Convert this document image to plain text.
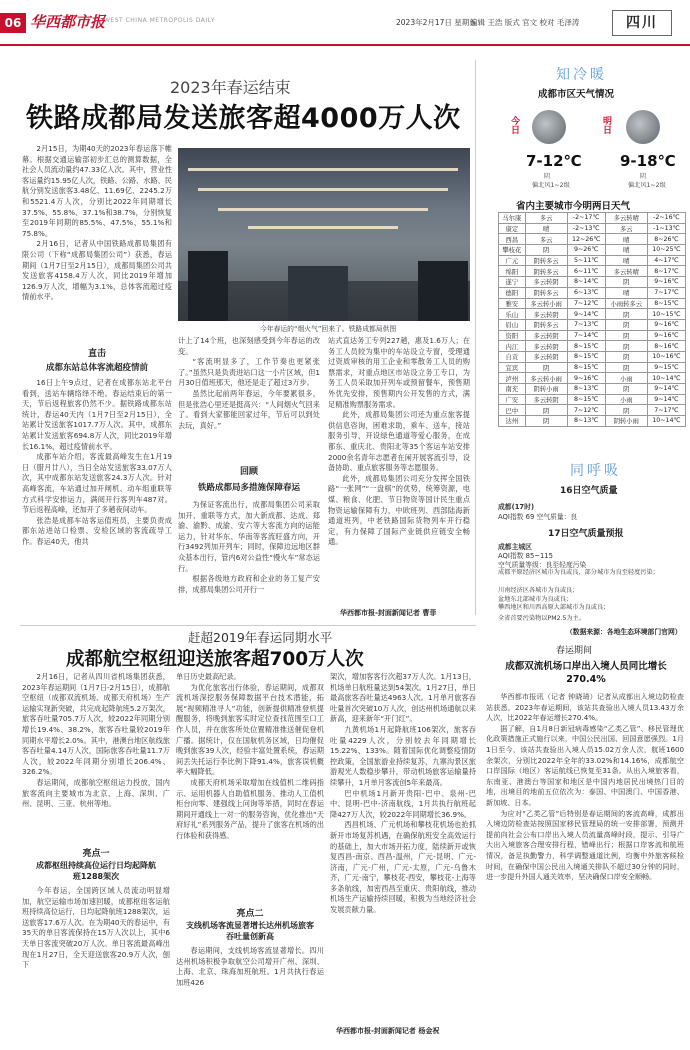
06 华西都市报
WEST CHINA METROPOLIS DAILY	2023年2月17日 星期五
编辑 王浩 版式 官文 校对 毛泽涛	四川
2023年春运结束
铁路成都局发送旅客超4000万人次

2月15日，为期40天的2023年春运落下帷幕。根据交通运输部初步汇总的测算数据，全社会人员流动量约47.33亿人次。其中，营业性客运量约15.95亿人次，铁路、公路、水路、民航分别发送旅客3.48亿、11.69亿、2245.2万和5521.4万人次，分别比2022年同期增长37.5%、55.8%、37.1%和38.7%，分别恢复至2019年同期的85.5%、47.5%、55.1%和75.8%。

2月16日，记者从中国铁路成都局集团有限公司（下称“成都局集团公司”）获悉，春运期间（1月7日至2月15日），成都局集团公司共发送旅客4158.4万人次，同比2019年增加126.9万人次，增幅为3.1%，总体客流超过疫情前水平。

今年春运的“烟火气”回来了。铁路成都局供图
直击
成都东站总体客流超疫情前

16日上午9点过，记者在成都东站北平台看到，送站车辆络绎不绝。春运结束后的第一天，节后返程旅客仍然不少。据铁路成都东站统计，春运40天内（1月7日至2月15日），全站累计发送旅客1017.7万人次。其中，成都东站累计发送旅客694.8万人次，同比2019年增长16.1%，超过疫情前水平。

成都车站介绍，客流最高峰发生在1月19日（腊月廿八），当日全站发送旅客33.07万人次，其中成都东站发送旅客24.3万人次。针对高峰客流，车站通过加开闸机、动车组重联等方式科学安排运力，满阅开行客列车487对。节后返程高峰，还加开了多趟夜间动车。

张浩是成都车站客运值班员，主要负责成都东站进站口检票、安检区域的客流疏导工作。春运40天，他共

计上了14个班，也深刻感受到今年春运的改变。

“客流明显多了，工作节奏也更紧张了。”虽然只是负责进站口这一小片区域，但1月30日值班那天，他还是走了超过3万步。

虽然比起前两年春运，今年要累很多，但是张浩心里还是挺高兴：“人间烟火气回来了。看到大家都能回家过年，节后可以到处去玩，真好。”

回顾
铁路成都局多措施保障春运

为保证客流出行，成都局集团公司采取加开、重联等方式，加大新成都、达成、郑渝、渝黔、成渝、安六等大客流方向的运能运力，针对华东、华南等客流旺盛方向，开行3492列加开列车；同时，保障边远地区群众基本出行，管内6对公益性“慢火车”常态运行。

根据各级地方政府和企业的务工复产安排，成都局集团公司开行一

站式直达务工专列227趟，惠及1.6万人；在务工人员较为集中的车站设立专窗，受理通过资质审核的用工企业和零散务工人员的购票需求，对重点地区市站设立务工专口，为务工人员采取加开列车或预留餐车，预售期外优先安排，预售期内公开发售的方式，满足精准购票服务需求。

此外，成都局集团公司还为重点旅客提供信息咨询，困难求助，乘车、送车，接站服务引导，开设绿色通道等爱心服务，在成都东、重庆北、贵阳北等35个客运车站安排2000余名青年志愿者在闲开展客流引导，设备协助、重点旅客服务等志愿服务。

此外，成都局集团公司充分发挥全国铁路“一张网”“一盘棋”的优势，统筹资源，电煤、粮食、化肥、节日物资等国计民生重点物资运输保障有力，中欧班列、西部陆海新通道班列，中老铁路国际货物列车开行稳定，有力保障了国际产业链供应链安全畅通。

华西都市报-封面新闻记者 曹菲
知冷暖
成都市区天气情况
今日
7-12℃
阴
偏北风1~2级
明日
9-18℃
阴
偏北风1~2级
省内主要城市今明两日天气
马尔康	多云	-2~17℃	多云转晴	-2~16℃
康定	晴	-2~13℃	多云	-1~13℃
西昌	多云	12~26℃	晴	8~26℃
攀枝花	阴	9~26℃	晴	10~25℃
广元	阴转多云	5~11℃	晴	4~17℃
绵阳	阴转多云	6~11℃	多云转晴	8~17℃
遂宁	多云转阴	8~14℃	阴	9~16℃
德阳	阴转多云	6~13℃	晴	7~17℃
雅安	多云转小雨	7~12℃	小雨转多云	8~15℃
乐山	多云转阴	9~14℃	阴	10~15℃
眉山	阴转多云	7~13℃	阴	9~16℃
资阳	多云转阴	7~14℃	阴	9~16℃
内江	多云转阴	8~15℃	阴	8~16℃
自贡	多云转阴	8~15℃	阴	10~16℃
宜宾	阴	8~15℃	阴	9~15℃
泸州	多云转小雨	9~16℃	小雨	10~14℃
南充	阴转小雨	8~13℃	阴	9~14℃
广安	多云转阴	8~15℃	小雨	9~14℃
巴中	阴	7~12℃	阴	7~17℃
达州	阴	8~13℃	阴转小雨	10~14℃
同呼吸
16日空气质量
成都(17时)
AQI指数 69 空气质量：良
17日空气质量预报
成都主城区
AQI指数 85~115
空气质量等级：良至轻度污染
成都平原经济区城市为良或良，部分城市为良至轻度污染；
川南经济区各城市为良或良；
盆地东北部城市为良或良；
攀西地区和川西高原大部城市为良或良；
全省首要污染物以PM2.5为主。
（数据来源：各地生态环境部门官网）
赶超2019年春运同期水平
成都航空枢纽迎送旅客超700万人次

2月16日，记者从四川省机场集团获悉，2023年春运期间（1月7日-2月15日），成都航空枢纽（成都双流机场、成都天府机场）生产运输实现新突破，共完成起降航班5.2万架次，旅客吞吐量705.7万人次，较2022年同期分别增长19.4%、38.2%，旅客吞吐量较2019年同期水平增长2.0%。其中，港澳台地区航线旅客吞吐量4.14万人次，国际旅客吞吐量11.7万人次，较2022年同期分别增长206.4%、326.2%。

春运期间，成都航空枢纽运力投放，国内旅客流向主要城市为北京、上海、深圳、广州、昆明、三亚、杭州等地。

亮点一
成都枢纽持续高位运行日均起降航班1288架次

今年春运，全国跨区域人员流动明显增加，航空运输市场加速回暖，成都枢纽客运航班持续高位运行，日均起降航班1288架次，运送旅客17.6万人次。在为期40天的春运中，有35天的单日客流保持在15万人次以上，其中6天单日客流突破20万人次。单日客流最高峰出现在1月27日，全天迎送旅客20.9万人次，刨下

单日历史最高纪录。

为优化旅客出行体验，春运期间，成都双流机场深挖服务保障数据平台技术潜能，拓展“视频精准寻人”功能，创新提供精准登机提醒服务，将晚到旅客实时定位查找范围至口工作人员，并在旅客所处位置精准推送催促登机广播。据统计，仅在国航机务区域，日均催促晚到旅客39人次，经验丰富处置系统，春运期间丢失托运行李比例下降91.4%，旅客误机概率大幅降低。

成都天府机场采取增加在线值机二维码指示、运用机器人自助值机服务、推动人工值机柜台向零、建强线上问询等举措，同时在春运期间开通线上一对一的服务咨询，优化推出“天府好礼”系列服务产品，提升了旅客在机场的出行体验和获得感。

亮点二
支线机场客流显著增长达州机场旅客吞吐量创新高

春运期间，支线机场客流显著增长。四川达州机场积极争取航空公司增开广州、深圳、上海、北京、珠海加班航班。1月共执行春运加班426

架次，增加客客行次超37万人次。1月13日，机场单日航班量达到54架次。1月27日，单日最高旅客吞吐量达4963人次。1月单月旅客吞吐量首次突破10万人次，创达州机场通航以来新高，迎来新年“开门红”。

九黄机场1月起降航班106架次，旅客吞吐量4229人次，分别较去年同期增长15.22%、133%。随着国际优化调整疫情防控政策，全国旅游业持续复苏，九寨沟景区旅游观光人数稳步攀升，带动机场旅客运输量持续攀升，1月单月客流创5年来最高。

巴中机场1月新开贵阳-巴中、泉州-巴中、昆明-巴中-济南航线，1月共执行航班起降427万人次，较2022年同期增长36.9%。

西昌机场、广元机场和攀枝花机场也抢抓新开市场复苏机遇，在确保航班安全高效运行的基础上，加大市场开拓力度，陆续新开或恢复西昌-南京、西昌-温州，广元-昆明、广元-济南，广元-广州，广元-太原，广元-乌鲁木齐，广元-南宁，攀枝花-西安，攀枝花-上海等多条航线，加密西昌至重庆、贵阳航线，推动机场生产运输持续回暖，积极为当地经济社会发展贡献力量。

华西都市报-封面新闻记者 杨金祝
春运期间
成都双流机场口岸出入境人员同比增长270.4%

华西都市报讯（记者 钟晓琦）记者从成都出入境边防检查站获悉，2023年春运期间，该站共查验出入境人员13.43万余人次，比2022年春运增长270.4%。

据了解，自1月8日新冠病毒感染“乙类乙管”、移民管理优化政策措施正式施行以来，中国公民出国、回国意愿强烈。1月1日至今，该站共查验出入境人员15.02万余人次，航班1600余架次，分别比2022年全年的33.02%和14.16%，成都航空口岸国际（地区）客运航线已恢复至31条。从出入境旅客看，东南亚、港澳台等国家和地区是中国内地居民出境热门目的地，出境目的地前五位依次为：泰国、中国澳门、中国香港、新加坡、日本。

为应对“乙类乙管”后特别是春运期间的客流高峰，成都出入境边防检查站按照国家移民管理局的统一安排部署，预测并提前向社会公布口岸出入境人员流量高峰时段，提示、引导广大出入境旅客合理安排行程，错峰出行；根据口岸客流和航班情况，备足执勤警力，科学调整通道比例，均衡中外旅客候检时间，在确保中国公民出入境通关排队不超过30分钟的同时，进一步提升外国人通关效率，坚决确保口岸安全顺畅。
